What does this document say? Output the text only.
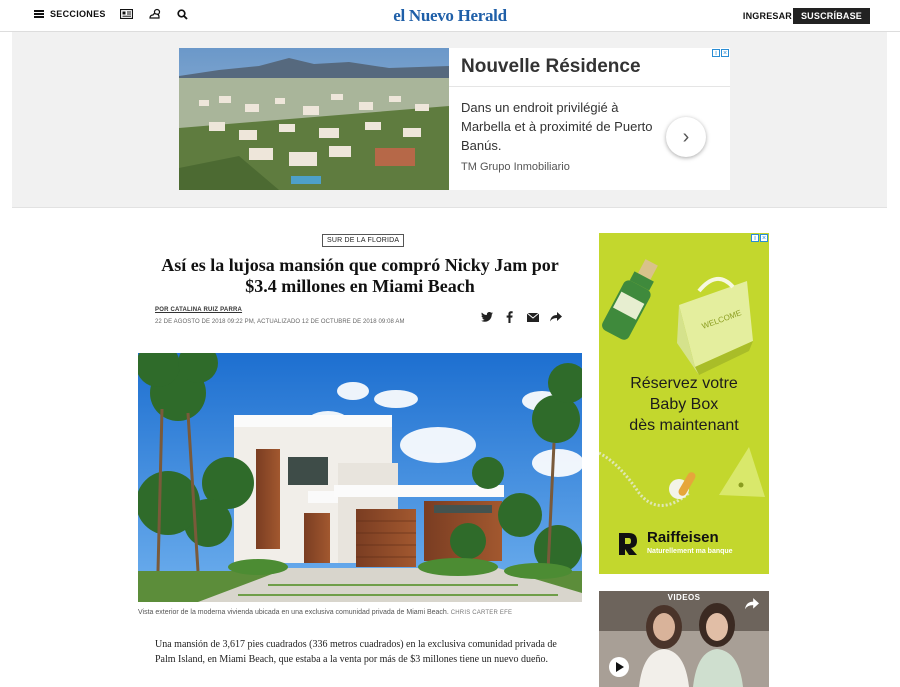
SECCIONES	el Nuevo Herald	INGRESAR SUSCRÍBASE
Nouvelle Résidence
Dans un endroit privilégié à Marbella et à proximité de Puerto Banús.
TM Grupo Inmobiliario
›
i ×
SUR DE LA FLORIDA
Así es la lujosa mansión que compró Nicky Jam por $3.4 millones en Miami Beach
POR CATALINA RUIZ PARRA
22 DE AGOSTO DE 2018 09:22 PM, ACTUALIZADO 12 DE OCTUBRE DE 2018 09:08 AM
Vista exterior de la moderna vivienda ubicada en una exclusiva comunidad privada de Miami Beach. CHRIS CARTER EFE
Una mansión de 3,617 pies cuadrados (336 metros cuadrados) en la exclusiva comunidad privada de Palm Island, en Miami Beach, que estaba a la venta por más de $3 millones tiene un nuevo dueño.
WELCOME
i ×
Réservez votre
Baby Box
dès maintenant
Raiffeisen
Naturellement ma banque
VIDEOS
